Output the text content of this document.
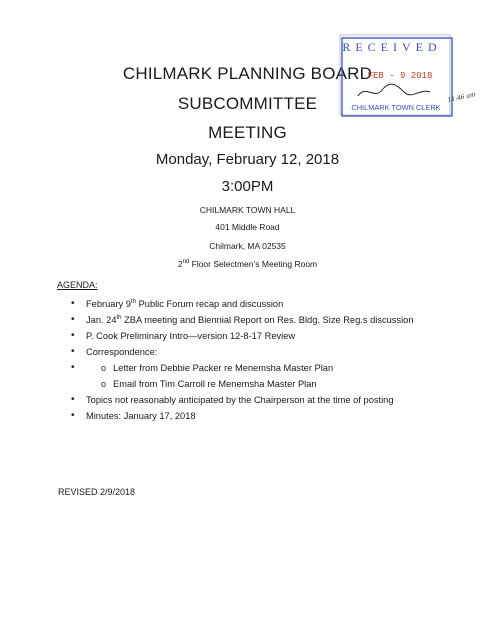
CHILMARK PLANNING BOARD
SUBCOMMITTEE
MEETING
Monday, February 12, 2018
3:00PM
CHILMARK TOWN HALL
401 Middle Road
Chilmark, MA 02535
2nd Floor Selectmen’s Meeting Room
AGENDA:
• February 9th Public Forum recap and discussion
• Jan. 24th ZBA meeting and Biennial Report on Res. Bldg. Size Reg.s discussion
• P. Cook Preliminary Intro—version 12-8-17 Review
• Correspondence:
o • Letter from Debbie Packer re Menemsha Master Plan
o Email from Tim Carroll re Menemsha Master Plan
• Topics not reasonably anticipated by the Chairperson at the time of posting
• Minutes: January 17, 2018
REVISED 2/9/2018
RECEIVED
FEB - 9 2018
CHILMARK TOWN CLERK
11:46 am
